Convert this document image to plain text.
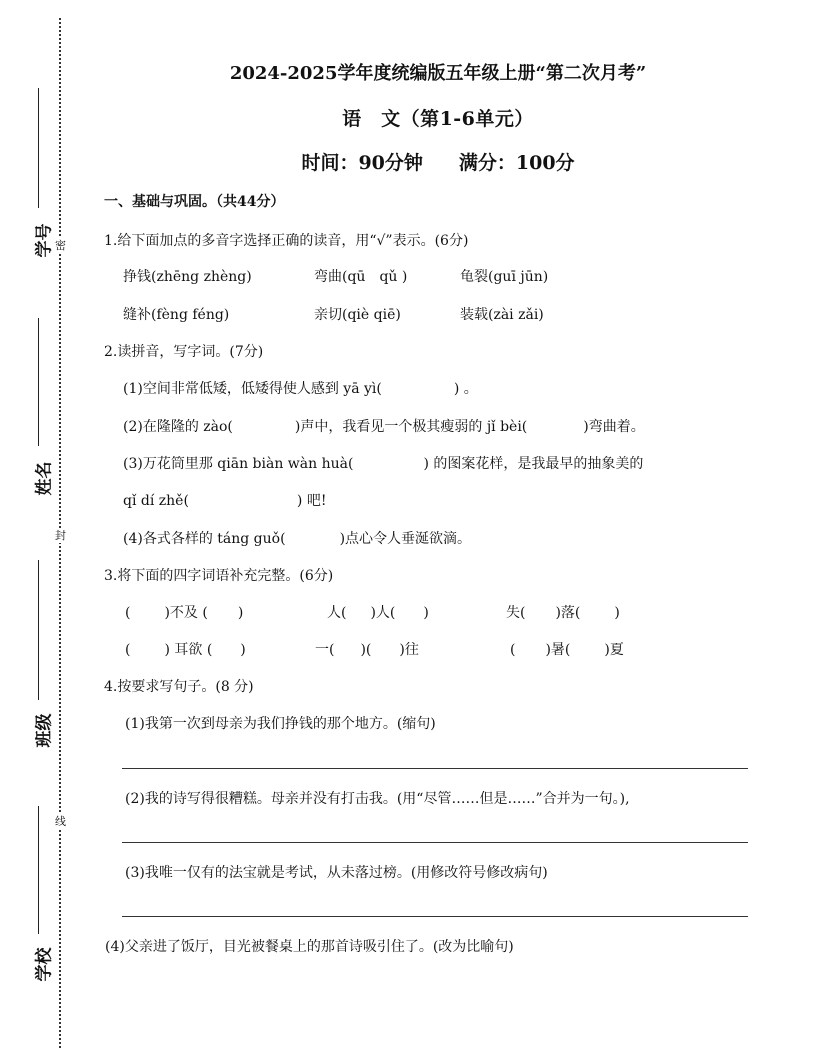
密
封
线
学号
姓名
班级
学校
2024-2025学年度统编版五年级上册“第二次月考”
语　文（第1-6单元）
时间：90分钟 满分：100分
一、基础与巩固。（共44分）
1.给下面加点的多音字选择正确的读音，用“√”表示。(6分)
挣钱(zhēng zhèng)	弯曲(qū　qǔ )	龟裂(guī jūn)
缝补(fèng féng)	亲切(qiè qiē)	装载(zài zǎi)
2.读拼音，写字词。(7分)
(1)空间非常低矮，低矮得使人感到 yā yì(	) 。
(2)在隆隆的 zào(	)声中，我看见一个极其瘦弱的 jǐ bèi(	)弯曲着。
(3)万花筒里那 qiān biàn wàn huà(	) 的图案花样，是我最早的抽象美的
qǐ dí zhě(	) 吧!
(4)各式各样的 táng guǒ(	)点心令人垂涎欲滴。
3.将下面的四字词语补充完整。(6分)
( )不及 ( )	人( )人( )	失( )落( )
( ) 耳欲 ( )	一( )( )往	( )暑( )夏
4.按要求写句子。(8 分)
(1)我第一次到母亲为我们挣钱的那个地方。(缩句)
(2)我的诗写得很糟糕。母亲并没有打击我。(用“尽管……但是……”合并为一句。),
(3)我唯一仅有的法宝就是考试，从未落过榜。(用修改符号修改病句)
(4)父亲进了饭厅，目光被餐桌上的那首诗吸引住了。(改为比喻句)
